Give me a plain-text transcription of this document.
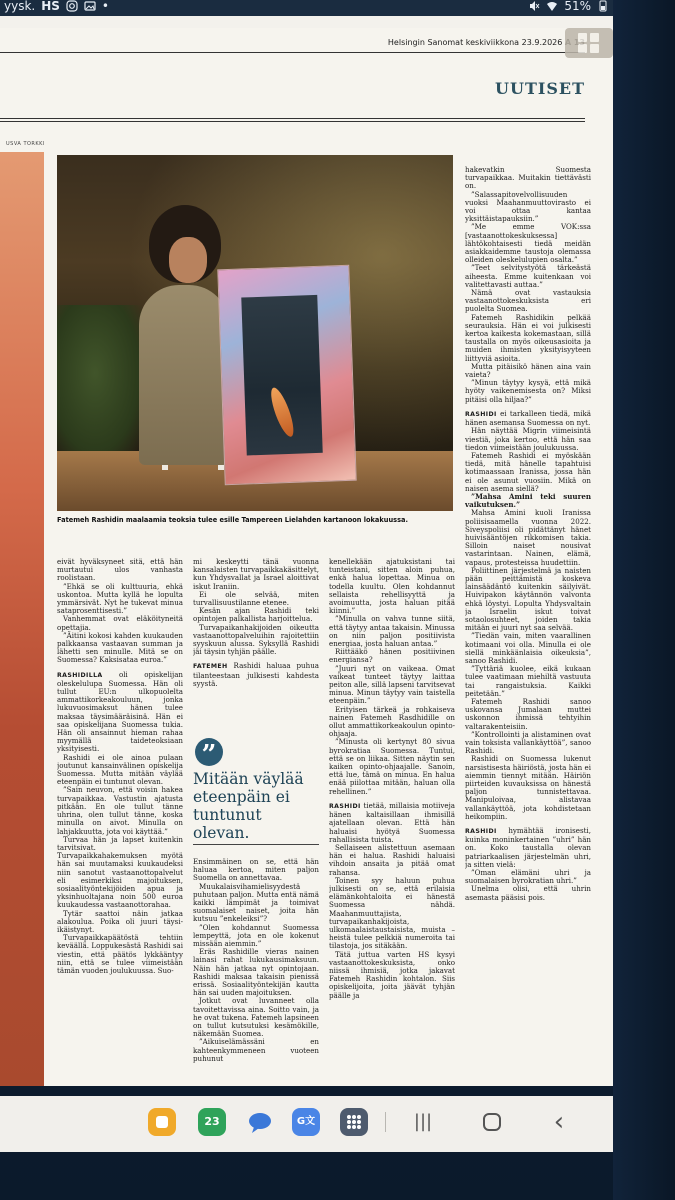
yysk. HS	•	51%
Helsingin Sanomat keskiviikkona 23.9.2026
UUTISET
USVA TORKKI
Fatemeh Rashidin maalaamia teoksia tulee esille Tampereen Lielahden kartanoon lokakuussa.

eivät hyväksyneet sitä, että hän murtautui ulos vanhasta roolistaan.

”Ehkä se oli kulttuuria, ehkä uskontoa. Mutta kyllä he lopulta ymmärsivät. Nyt he tukevat minua sataprosenttisesti.”

Vanhemmat ovat eläköityneitä opettajia.

”Äitini kokosi kahden kuukauden palkkaansa vastaavan summan ja lähetti sen minulle. Mitä se on Suomessa? Kaksisataa euroa.”

RASHIDILLA oli opiskelijan oleskelulupa Suomessa. Hän oli tullut EU:n ulkopuolelta ammattikorkeakouluun, jonka lukuvuosimaksut hänen tulee maksaa täysimääräisinä. Hän ei saa opiskelijana Suomessa tukia. Hän oli ansainnut hieman rahaa myymällä taideteoksiaan yksityisesti.

Rashidi ei ole ainoa pulaan joutunut kansainvälinen opiskelija Suomessa. Mutta mitään väylää eteenpäin ei tuntunut olevan.

”Sain neuvon, että voisin hakea turvapaikkaa. Vastustin ajatusta pitkään. En ole tullut tänne uhrina, olen tullut tänne, koska minulla on aivot. Minulla on lahjakkuutta, jota voi käyttää.”

Turvaa hän ja lapset kuitenkin tarvitsivat. Turvapaikkahakemuksen myötä hän sai muutamaksi kuukaudeksi niin sanotut vastaanottopalvelut eli esimerkiksi majoituksen, sosiaalityöntekijöiden apua ja yksinhuoltajana noin 500 euroa kuukaudessa vastaanottorahaa.

Tytär saattoi näin jatkaa alakoulua. Poika oli juuri täysi-ikäistynyt.

Turvapaikkapäätöstä tehtiin keväällä. Loppukesästä Rashidi sai viestin, että päätös lykkääntyy niin, että se tulee viimeistään tämän vuoden joulukuussa. Suo-

mi keskeytti tänä vuonna kansalaisten turvapaikkakäsittelyt, kun Yhdysvallat ja Israel aloittivat iskut Iraniin.

Ei ole selvää, miten turvallisuustilanne etenee.

Kesän ajan Rashidi teki opintojen palkallista harjoittelua.

Turvapaikanhakijoiden oikeutta vastaanottopalveluihin rajoitettiin syyskuun alussa. Syksyllä Rashidi jäi täysin tyhjän päälle.

FATEMEH Rashidi haluaa puhua tilanteestaan julkisesti kahdesta syystä.

”
Mitään väylää eteenpäin ei tuntunut olevan.

Ensimmäinen on se, että hän haluaa kertoa, miten paljon Suomella on annettavaa.

Muukalaisvihamielisyydestä puhutaan paljon. Mutta entä nämä kaikki lämpimät ja toimivat suomalaiset naiset, joita hän kutsuu ”enkeleiksi”?

”Olen kohdannut Suomessa lempeyttä, jota en ole kokenut missään aiemmin.”

Eräs Rashidille vieras nainen lainasi rahat lukukausimaksuun. Näin hän jatkaa nyt opintojaan. Rashidi maksaa takaisin pienissä erissä. Sosiaalityöntekijän kautta hän sai uuden majoituksen.

Jotkut ovat luvanneet olla tavoitettavissa aina. Soitto vain, ja he ovat tukena. Fatemeh lapsineen on tullut kutsutuksi kesämökille, näkemään Suomea.

”Aikuiselämässäni en kahteenkymmeneen vuoteen puhunut

kenellekään ajatuksistani tai tunteistani, sitten aloin puhua, enkä halua lopettaa. Minua on todella kuultu. Olen kohdannut sellaista rehellisyyttä ja avoimuutta, josta haluan pitää kiinni.”

”Minulla on vahva tunne siitä, että täytyy antaa takaisin. Minussa on niin paljon positiivista energiaa, josta haluan antaa.”

Riittääkö hänen positiivinen energiansa?

”Juuri nyt on vaikeaa. Omat vaikeat tunteet täytyy laittaa peiton alle, sillä lapseni tarvitsevat minua. Minun täytyy vain taistella eteenpäin.”

Erityisen tärkeä ja rohkaiseva nainen Fatemeh Rasdhidille on ollut ammattikorkeakoulun opinto-ohjaaja.

”Minusta oli kertynyt 80 sivua byrokratiaa Suomessa. Tuntui, että se on liikaa. Sitten näytin sen kaiken opinto-ohjaajalle. Sanoin, että lue, tämä on minua. En halua enää piilottaa mitään, haluan olla rehellinen.”

RASHIDI tietää, millaisia motiiveja hänen kaltaisillaan ihmisillä ajatellaan olevan. Että hän haluaisi hyötyä Suomessa rahallisista tuista.

Sellaiseen alistettuun asemaan hän ei halua. Rashidi haluaisi vihdoin ansaita ja pitää omat rahansa.

Toinen syy haluun puhua julkisesti on se, että erilaisia elämänkohtaloita ei hänestä Suomessa nähdä. Maahanmuuttajista, turvapaikanhakijoista, ulkomaalaistaustaisista, muista – heistä tulee pelkkiä numeroita tai tilastoja, jos sitäkään.

Tätä juttua varten HS kysyi vastaanottokeskuksista, onko niissä ihmisiä, jotka jakavat Fatemeh Rashidin kohtalon. Siis opiskelijoita, joita jäävät tyhjän päälle ja

hakevatkin Suomesta turvapaikkaa. Muitakin tiettävästi on.

”Salassapitovelvollisuuden vuoksi Maahanmuuttovirasto ei voi ottaa kantaa yksittäistapauksiin.”

”Me emme VOK:ssa [vastaanottokeskuksessa] lähtökohtaisesti tiedä meidän asiakkaidemme taustoja olemassa olleiden oleskelulupien osalta.”

”Teet selvitystyötä tärkeästä aiheesta. Emme kuitenkaan voi valitettavasti auttaa.”

Nämä ovat vastauksia vastaanottokeskuksista eri puolelta Suomea.

Fatemeh Rashidikin pelkää seurauksia. Hän ei voi julkisesti kertoa kaikesta kokemastaan, sillä taustalla on myös oikeusasioita ja muiden ihmisten yksityisyyteen liittyviä asioita.

Mutta pitäisikö hänen aina vain vaieta?

”Minun täytyy kysyä, että mikä hyöty vaikenemisesta on? Miksi pitäisi olla hiljaa?”

RASHIDI ei tarkalleen tiedä, mikä hänen asemansa Suomessa on nyt.

Hän näyttää Migrin viimeisintä viestiä, joka kertoo, että hän saa tiedon viimeistään joulukuussa.

Fatemeh Rashidi ei myöskään tiedä, mitä hänelle tapahtuisi kotimaassaan Iranissa, jossa hän ei ole asunut vuosiin. Mikä on naisen asema siellä?

”Mahsa Amini teki suuren vaikutuksen.”

Mahsa Amini kuoli Iranissa poliisisaamella vuonna 2022. Siveyspoliisi oli pidättänyt hänet huivisääntöjen rikkomisen takia. Silloin naiset nousivat vastarintaan. Nainen, elämä, vapaus, protesteissa huudettiin.

Poliittinen järjestelmä ja naisten pään peittämistä koskeva lainsäädäntö kuitenkin säilyivät. Huivipakon käytännön valvonta ehkä löystyi. Lopulta Yhdysvaltain ja Israelin iskut toivat sotaolosuhteet, joiden takia mitään ei juuri nyt saa selvää.

”Tiedän vain, miten vaarallinen kotimaani voi olla. Minulla ei ole siellä minkäänlaisia oikeuksia”, sanoo Rashidi.

”Tyttäriä kuolee, eikä kukaan tulee vaatimaan miehiltä vastuuta tai rangaistuksia. Kaikki peitetään.”

Fatemeh Rashidi sanoo uskovansa Jumalaan muttei uskonnon ihmissä tehtyihin valtarakenteisiin.

”Kontrollointi ja alistaminen ovat vain toksista vallankäyttöä”, sanoo Rashidi.

Rashidi on Suomessa lukenut narsistisesta häiriöstä, josta hän ei aiemmin tiennyt mitään. Häiriön piirteiden kuvauksissa on hänestä paljon tunnistettavaa. Manipuloivaa, alistavaa vallankäyttöä, jota kohdistetaan heikompiin.

RASHIDI hymähtää ironisesti, kuinka moninkertainen ”uhri” hän on. Koko taustalla olevan patriarkaalisen järjestelmän uhri, ja sitten vielä:

”Oman elämäni uhri ja suomalaisen byrokratian uhri.”

Unelma olisi, että uhrin asemasta pääsisi pois.

23	G文	|||	‹
